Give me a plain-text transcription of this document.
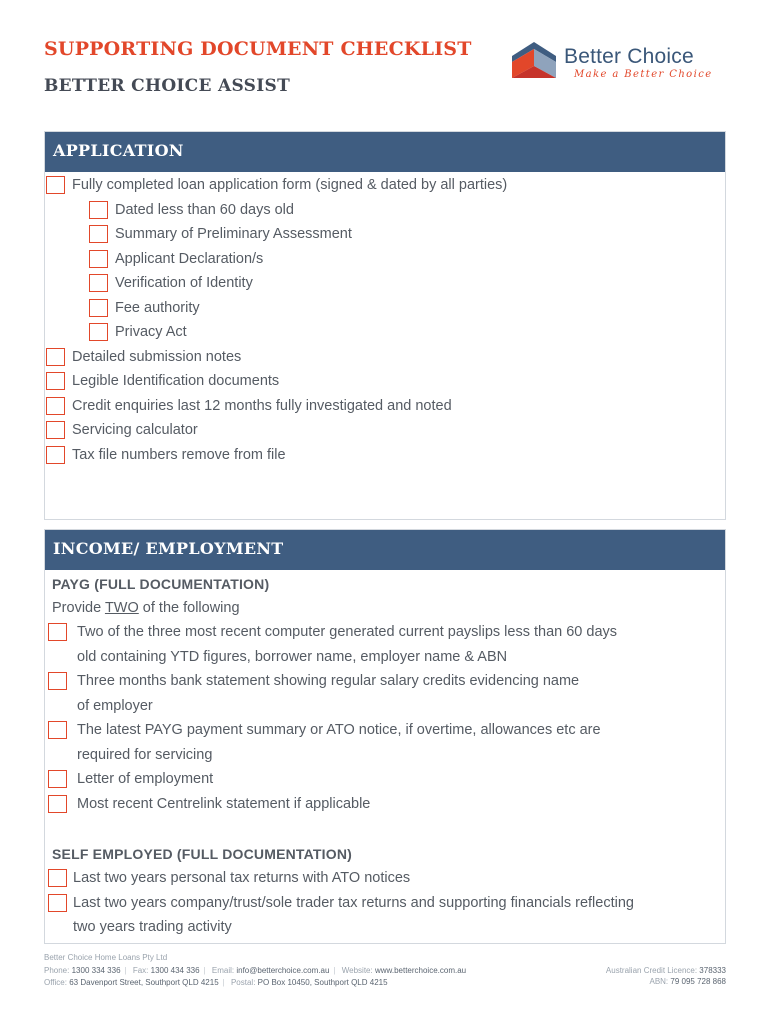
SUPPORTING DOCUMENT CHECKLIST
BETTER CHOICE ASSIST
Better Choice
Make a Better Choice
APPLICATION
Fully completed loan application form (signed & dated by all parties)
Dated less than 60 days old
Summary of Preliminary Assessment
Applicant Declaration/s
Verification of Identity
Fee authority
Privacy Act
Detailed submission notes
Legible Identification documents
Credit enquiries last 12 months fully investigated and noted
Servicing calculator
Tax file numbers remove from file
INCOME/ EMPLOYMENT
PAYG (FULL DOCUMENTATION)
Provide TWO of the following
SELF EMPLOYED (FULL DOCUMENTATION)
Two of the three most recent computer generated current payslips less than 60 days
old containing YTD figures, borrower name, employer name & ABN
Three months bank statement showing regular salary credits evidencing name
of employer
The latest PAYG payment summary or ATO notice, if overtime, allowances etc are
required for servicing
Letter of employment
Most recent Centrelink statement if applicable
Last two years personal tax returns with ATO notices
Last two years company/trust/sole trader tax returns and supporting financials reflecting
two years trading activity
Better Choice Home Loans Pty Ltd
Phone: 1300 334 336 | Fax: 1300 434 336 | Email: info@betterchoice.com.au | Website: www.betterchoice.com.au
Office: 63 Davenport Street, Southport QLD 4215 | Postal: PO Box 10450, Southport QLD 4215
Australian Credit Licence: 378333
ABN: 79 095 728 868
